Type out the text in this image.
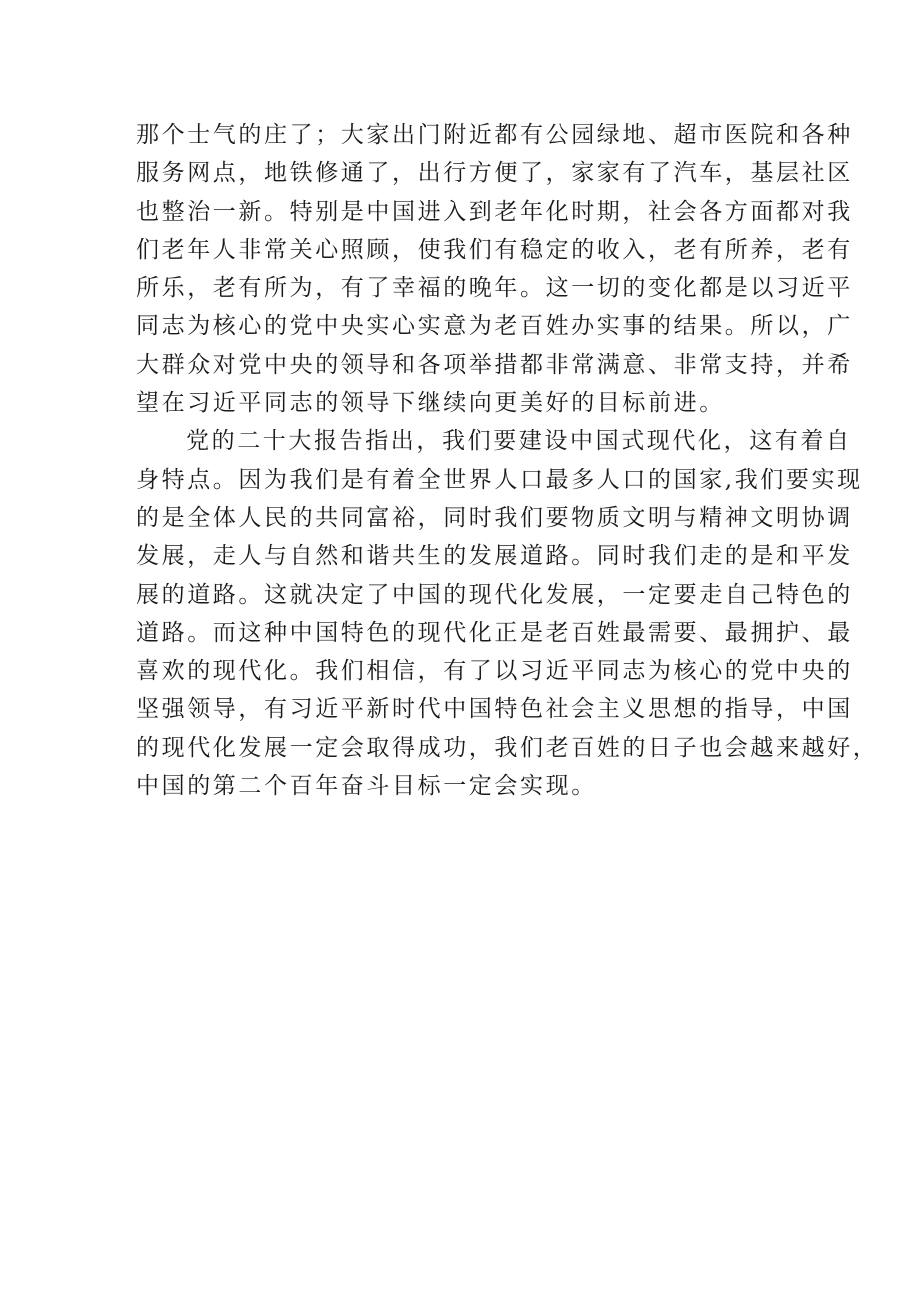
那个士气的庄了；大家出门附近都有公园绿地、超市医院和各种
服务网点，地铁修通了，出行方便了，家家有了汽车，基层社区
也整治一新。特别是中国进入到老年化时期，社会各方面都对我
们老年人非常关心照顾，使我们有稳定的收入，老有所养，老有
所乐，老有所为，有了幸福的晚年。这一切的变化都是以习近平
同志为核心的党中央实心实意为老百姓办实事的结果。所以，广
大群众对党中央的领导和各项举措都非常满意、非常支持，并希
望在习近平同志的领导下继续向更美好的目标前进。
党的二十大报告指出，我们要建设中国式现代化，这有着自
身特点。因为我们是有着全世界人口最多人口的国家,我们要实现
的是全体人民的共同富裕，同时我们要物质文明与精神文明协调
发展，走人与自然和谐共生的发展道路。同时我们走的是和平发
展的道路。这就决定了中国的现代化发展，一定要走自己特色的
道路。而这种中国特色的现代化正是老百姓最需要、最拥护、最
喜欢的现代化。我们相信，有了以习近平同志为核心的党中央的
坚强领导，有习近平新时代中国特色社会主义思想的指导，中国
的现代化发展一定会取得成功，我们老百姓的日子也会越来越好，
中国的第二个百年奋斗目标一定会实现。
